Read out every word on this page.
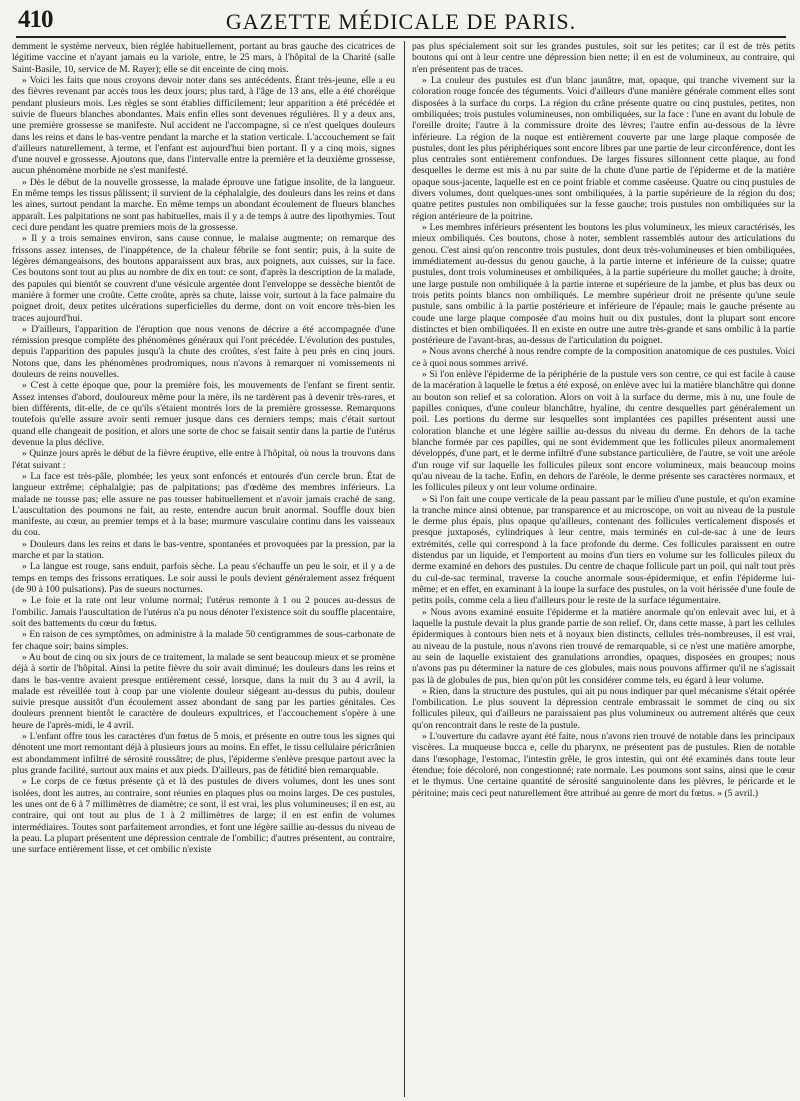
410	GAZETTE MÉDICALE DE PARIS.

demment le système nerveux, bien réglée habituellement, portant au bras gauche des cicatrices de légitime vaccine et n'ayant jamais eu la variole, entre, le 25 mars, à l'hôpital de la Charité (salle Saint-Basile, 10, service de M. Rayer); elle se dit enceinte de cinq mois.

» Voici les faits que nous croyons devoir noter dans ses antécédents. Étant très-jeune, elle a eu des fièvres revenant par accès tous les deux jours; plus tard, à l'âge de 13 ans, elle a été choréique pendant plusieurs mois. Les règles se sont établies difficilement; leur apparition a été précédée et suivie de flueurs blanches abondantes. Mais enfin elles sont devenues régulières. Il y a deux ans, une première grossesse se manifeste. Nul accident ne l'accompagne, si ce n'est quelques douleurs dans les reins et dans le bas-ventre pendant la marche et la station verticale. L'accouchement se fait d'ailleurs naturellement, à terme, et l'enfant est aujourd'hui bien portant. Il y a cinq mois, signes d'une nouvel e grossesse. Ajoutons que, dans l'intervalle entre la première et la deuxième grossesse, aucun phénomène morbide ne s'est manifesté.

» Dès le début de la nouvelle grossesse, la malade éprouve une fatigue insolite, de la langueur. En même temps les tissus pâlissent; il survient de la céphalalgie, des douleurs dans les reins et dans les aines, surtout pendant la marche. En même temps un abondant écoulement de flueurs blanches apparaît. Les palpitations ne sont pas habituelles, mais il y a de temps à autre des lipothymies. Tout ceci dure pendant les quatre premiers mois de la grossesse.

» Il y a trois semaines environ, sans cause connue, le malaise augmente; on remarque des frissons assez intenses, de l'inappétence, de la chaleur fébrile se font sentir; puis, à la suite de légères démangeaisons, des boutons apparaissent aux bras, aux poignets, aux cuisses, sur la face. Ces boutons sont tout au plus au nombre de dix en tout: ce sont, d'après la description de la malade, des papules qui bientôt se couvrent d'une vésicule argentée dont l'enveloppe se dessèche bientôt de manière à former une croûte. Cette croûte, après sa chute, laisse voir, surtout à la face palmaire du poignet droit, deux petites ulcérations superficielles du derme, dont on voit encore très-bien les traces aujourd'hui.

» D'ailleurs, l'apparition de l'éruption que nous venons de décrire a été accompagnée d'une rémission presque complète des phénomènes généraux qui l'ont précédée. L'évolution des pustules, depuis l'apparition des papules jusqu'à la chute des croûtes, s'est faite à peu près en cinq jours. Notons que, dans les phénomènes prodromiques, nous n'avons à remarquer ni vomissements ni douleurs de reins nouvelles.

» C'est à cette époque que, pour la première fois, les mouvements de l'enfant se firent sentir. Assez intenses d'abord, douloureux même pour la mère, ils ne tardèrent pas à devenir très-rares, et bien différents, dit-elle, de ce qu'ils s'étaient montrés lors de la première grossesse. Remarquons toutefois qu'elle assure avoir senti remuer jusque dans ces derniers temps; mais c'était surtout quand elle changeait de position, et alors une sorte de choc se faisait sentir dans la partie de l'utérus devenue la plus déclive.

» Quinze jours après le début de la fièvre éruptive, elle entre à l'hôpital, où nous la trouvons dans l'état suivant :

» La face est très-pâle, plombée; les yeux sont enfoncés et entourés d'un cercle brun. État de langueur extrême; céphalalgie; pas de palpitations; pas d'œdème des membres inférieurs. La malade ne tousse pas; elle assure ne pas tousser habituellement et n'avoir jamais craché de sang. L'auscultation des poumons ne fait, au reste, entendre aucun bruit anormal. Souffle doux bien manifeste, au cœur, au premier temps et à la base; murmure vasculaire continu dans les vaisseaux du cou.

» Douleurs dans les reins et dans le bas-ventre, spontanées et provoquées par la pression, par la marche et par la station.

» La langue est rouge, sans enduit, parfois sèche. La peau s'échauffe un peu le soir, et il y a de temps en temps des frissons erratiques. Le soir aussi le pouls devient généralement assez fréquent (de 90 à 100 pulsations). Pas de sueurs nocturnes.

» Le foie et la rate ont leur volume normal; l'utérus remonte à 1 ou 2 pouces au-dessus de l'ombilic. Jamais l'auscultation de l'utérus n'a pu nous dénoter l'existence soit du souffle placentaire, soit des battements du cœur du fœtus.

» En raison de ces symptômes, on administre à la malade 50 centigrammes de sous-carbonate de fer chaque soir; bains simples.

» Au bout de cinq ou six jours de ce traitement, la malade se sent beaucoup mieux et se promène déjà à sortir de l'hôpital. Ainsi la petite fièvre du soir avait diminué; les douleurs dans les reins et dans le bas-ventre avaient presque entièrement cessé, lorsque, dans la nuit du 3 au 4 avril, la malade est réveillée tout à coup par une violente douleur siégeant au-dessus du pubis, douleur suivie presque aussitôt d'un écoulement assez abondant de sang par les parties génitales. Ces douleurs prennent bientôt le caractère de douleurs expultrices, et l'accouchement s'opère à une heure de l'après-midi, le 4 avril.

» L'enfant offre tous les caractères d'un fœtus de 5 mois, et présente en outre tous les signes qui dénotent une mort remontant déjà à plusieurs jours au moins. En effet, le tissu cellulaire péricrânien est abondamment infiltré de sérosité roussâtre; de plus, l'épiderme s'enlève presque partout avec la plus grande facilité, surtout aux mains et aux pieds. D'ailleurs, pas de fétidité bien remarquable.

» Le corps de ce fœtus présente çà et là des pustules de divers volumes, dont les unes sont isolées, dont les autres, au contraire, sont réunies en plaques plus ou moins larges. De ces pustules, les unes ont de 6 à 7 millimètres de diamètre; ce sont, il est vrai, les plus volumineuses; il en est, au contraire, qui ont tout au plus de 1 à 2 millimètres de large; il en est enfin de volumes intermédiaires. Toutes sont parfaitement arrondies, et font une légère saillie au-dessus du niveau de la peau. La plupart présentent une dépression centrale de l'ombilic; d'autres présentent, au contraire, une surface entièrement lisse, et cet ombilic n'existe

pas plus spécialement soit sur les grandes pustules, soit sur les petites; car il est de très petits boutons qui ont à leur centre une dépression bien nette; il en est de volumineux, au contraire, qui n'en présentent pas de traces.

» La couleur des pustules est d'un blanc jaunâtre, mat, opaque, qui tranche vivement sur la coloration rouge foncée des téguments. Voici d'ailleurs d'une manière générale comment elles sont disposées à la surface du corps. La région du crâne présente quatre ou cinq pustules, petites, non ombiliquées; trois pustules volumineuses, non ombiliquées, sur la face : l'une en avant du lobule de l'oreille droite; l'autre à la commissure droite des lèvres; l'autre enfin au-dessous de la lèvre inférieure. La région de la nuque est entièrement couverte par une large plaque composée de pustules, dont les plus périphériques sont encore libres par une partie de leur circonférence, dont les plus centrales sont entièrement confondues. De larges fissures sillonnent cette plaque, au fond desquelles le derme est mis à nu par suite de la chute d'une partie de l'épiderme et de la matière opaque sous-jacente, laquelle est en ce point friable et comme caséeuse. Quatre ou cinq pustules de divers volumes, dont quelques-unes sont ombiliquées, à la partie supérieure de la région du dos; quatre petites pustules non ombiliquées sur la fesse gauche; trois pustules non ombiliquées sur la région antérieure de la poitrine.

» Les membres inférieurs présentent les boutons les plus volumineux, les mieux caractérisés, les mieux ombiliqués. Ces boutons, chose à noter, semblent rassemblés autour des articulations du genou. C'est ainsi qu'on rencontre trois pustules, dont deux très-volumineuses et bien ombiliquées, immédiatement au-dessus du genou gauche, à la partie interne et inférieure de la cuisse; quatre pustules, dont trois volumineuses et ombiliquées, à la partie supérieure du mollet gauche; à droite, une large pustule non ombiliquée à la partie interne et supérieure de la jambe, et plus bas deux ou trois petits points blancs non ombiliqués. Le membre supérieur droit ne présente qu'une seule pustule, sans ombilic à la partie postérieure et inférieure de l'épaule; mais le gauche présente au coude une large plaque composée d'au moins huit ou dix pustules, dont la plupart sont encore distinctes et bien ombiliquées. Il en existe en outre une autre très-grande et sans ombilic à la partie postérieure de l'avant-bras, au-dessus de l'articulation du poignet.

» Nous avons cherché à nous rendre compte de la composition anatomique de ces pustules. Voici ce à quoi nous sommes arrivé.

» Si l'on enlève l'épiderme de la périphérie de la pustule vers son centre, ce qui est facile à cause de la macération à laquelle le fœtus a été exposé, on enlève avec lui la matière blanchâtre qui donne au bouton son relief et sa coloration. Alors on voit à la surface du derme, mis à nu, une foule de papilles coniques, d'une couleur blanchâtre, hyaline, du centre desquelles part généralement un poil. Les portions du derme sur lesquelles sont implantées ces papilles présentent aussi une coloration blanche et une légère saillie au-dessus du niveau du derme. En dehors de la tache blanche formée par ces papilles, qui ne sont évidemment que les follicules pileux anormalement développés, d'une part, et le derme infiltré d'une substance particulière, de l'autre, se voit une aréole d'un rouge vif sur laquelle les follicules pileux sont encore volumineux, mais beaucoup moins qu'au niveau de la tache. Enfin, en dehors de l'aréole, le derme présente ses caractères normaux, et les follicules pileux y ont leur volume ordinaire.

» Si l'on fait une coupe verticale de la peau passant par le milieu d'une pustule, et qu'on examine la tranche mince ainsi obtenue, par transparence et au microscope, on voit au niveau de la pustule le derme plus épais, plus opaque qu'ailleurs, contenant des follicules verticalement disposés et presque juxtaposés, cylindriques à leur centre, mais terminés en cul-de-sac à une de leurs extrémités, celle qui correspond à la face profonde du derme. Ces follicules paraissent en outre distendus par un liquide, et l'emportent au moins d'un tiers en volume sur les follicules pileux du derme examiné en dehors des pustules. Du centre de chaque follicule part un poil, qui naît tout près du cul-de-sac terminal, traverse la couche anormale sous-épidermique, et enfin l'épiderme lui-même; et en effet, en examinant à la loupe la surface des pustules, on la voit hérissée d'une foule de petits poils, comme cela a lieu d'ailleurs pour le reste de la surface tégumentaire.

» Nous avons examiné ensuite l'épiderme et la matière anormale qu'on enlevait avec lui, et à laquelle la pustule devait la plus grande partie de son relief. Or, dans cette masse, à part les cellules épidermiques à contours bien nets et à noyaux bien distincts, cellules très-nombreuses, il est vrai, au niveau de la pustule, nous n'avons rien trouvé de remarquable, si ce n'est une matière amorphe, au sein de laquelle existaient des granulations arrondies, opaques, disposées en groupes; nous n'avons pas pu déterminer la nature de ces globules, mais nous pouvons affirmer qu'il ne s'agissait pas là de globules de pus, bien qu'on pût les considérer comme tels, eu égard à leur volume.

» Rien, dans la structure des pustules, qui ait pu nous indiquer par quel mécanisme s'était opérée l'ombilication. Le plus souvent la dépression centrale embrassait le sommet de cinq ou six follicules pileux, qui d'ailleurs ne paraissaient pas plus volumineux ou autrement altérés que ceux qu'on rencontrait dans le reste de la pustule.

» L'ouverture du cadavre ayant été faite, nous n'avons rien trouvé de notable dans les principaux viscères. La muqueuse bucca e, celle du pharynx, ne présentent pas de pustules. Rien de notable dans l'œsophage, l'estomac, l'intestin grêle, le gros intestin, qui ont été examinés dans toute leur étendue; foie décoloré, non congestionné; rate normale. Les poumons sont sains, ainsi que le cœur et le thymus. Une certaine quantité de sérosité sanguinolente dans les plèvres, le péricarde et le péritoine; mais ceci peut naturellement être attribué au genre de mort du fœtus. » (5 avril.)
